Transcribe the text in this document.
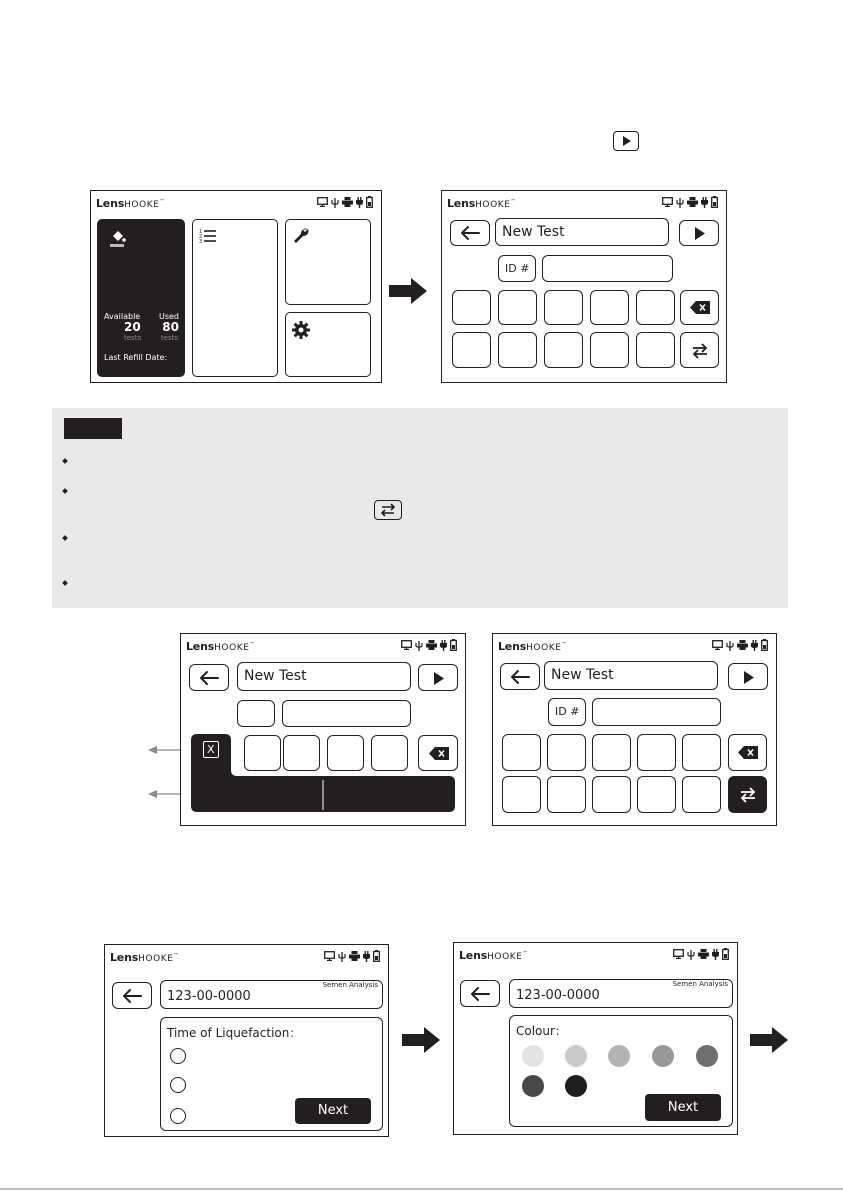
LensHOOKE™
Available Used
20 80
tests	tests
Last Refill Date:
1
2
3
LensHOOKE™
New Test
ID #
LensHOOKE™
New Test
X
LensHOOKE™
New Test
ID #
LensHOOKE™
123-00-0000
Semen Analysis
Time of Liquefaction：
Next
LensHOOKE™
123-00-0000
Semen Analysis
Colour：
Next
